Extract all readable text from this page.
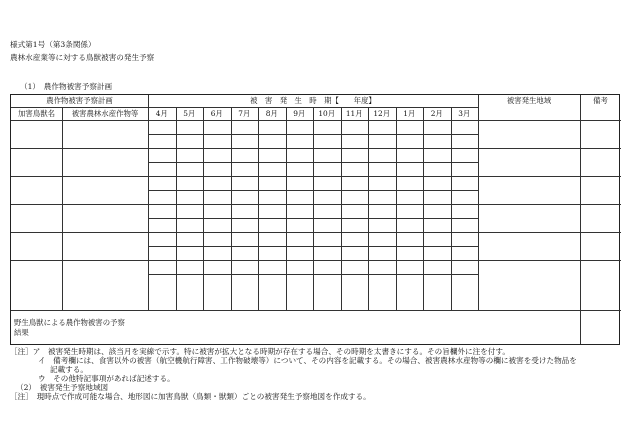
様式第1号（第3条関係）
農林水産業等に対する鳥獣被害の発生予察
（1）　農作物被害予察計画
農作物被害予察計画	被　害　発　生　時　期【　　年度】	被害発生地域	備考
加害鳥獣名	被害農林水産作物等	4月	5月	6月	7月	8月	9月	10月	11月	12月	1月	2月	3月
野生鳥獣による農作物被害の予察
結果
［注］ア　被害発生時期は、該当月を実線で示す。特に被害が拡大となる時期が存在する場合、その時期を太書きにする。その旨欄外に注を付す。
イ　備考欄には、食害以外の被害（航空機航行障害、工作物破壊等）について、その内容を記載する。その場合、被害農林水産物等の欄に被害を受けた物品を
記載する。
ウ　その他特記事項があれば記述する。
（2）　被害発生予察地域図
［注］　現時点で作成可能な場合、地形図に加害鳥獣（鳥類・獣類）ごとの被害発生予察地図を作成する。
